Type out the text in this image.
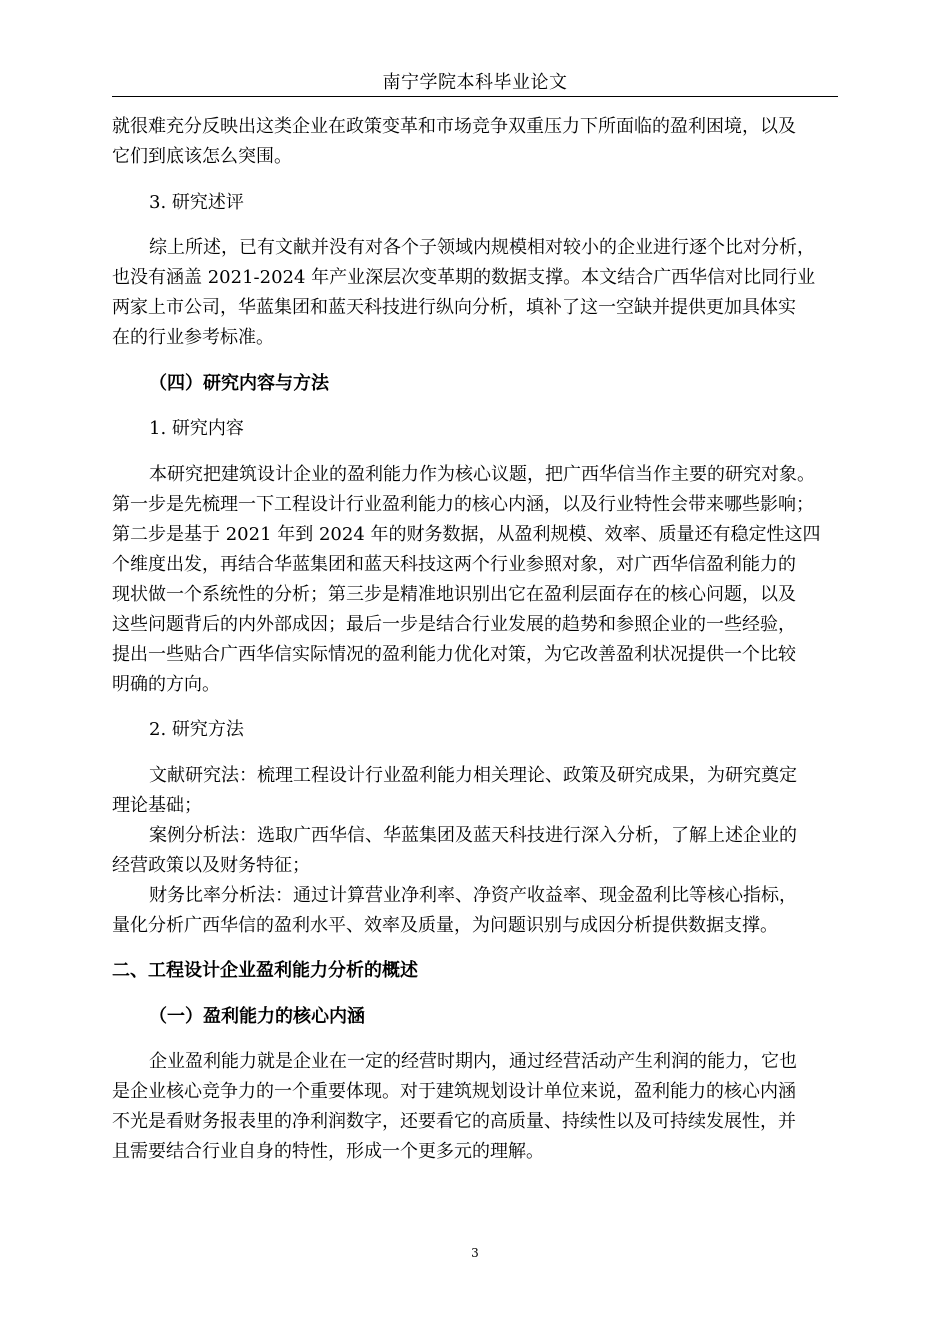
南宁学院本科毕业论文
就很难充分反映出这类企业在政策变革和市场竞争双重压力下所面临的盈利困境，以及
它们到底该怎么突围。
3. 研究述评
综上所述，已有文献并没有对各个子领域内规模相对较小的企业进行逐个比对分析，
也没有涵盖 2021-2024 年产业深层次变革期的数据支撑。本文结合广西华信对比同行业
两家上市公司，华蓝集团和蓝天科技进行纵向分析，填补了这一空缺并提供更加具体实
在的行业参考标准。
（四）研究内容与方法
1. 研究内容
本研究把建筑设计企业的盈利能力作为核心议题，把广西华信当作主要的研究对象。
第一步是先梳理一下工程设计行业盈利能力的核心内涵，以及行业特性会带来哪些影响；
第二步是基于 2021 年到 2024 年的财务数据，从盈利规模、效率、质量还有稳定性这四
个维度出发，再结合华蓝集团和蓝天科技这两个行业参照对象，对广西华信盈利能力的
现状做一个系统性的分析；第三步是精准地识别出它在盈利层面存在的核心问题，以及
这些问题背后的内外部成因；最后一步是结合行业发展的趋势和参照企业的一些经验，
提出一些贴合广西华信实际情况的盈利能力优化对策，为它改善盈利状况提供一个比较
明确的方向。
2. 研究方法
文献研究法：梳理工程设计行业盈利能力相关理论、政策及研究成果，为研究奠定
理论基础；
案例分析法：选取广西华信、华蓝集团及蓝天科技进行深入分析，了解上述企业的
经营政策以及财务特征；
财务比率分析法：通过计算营业净利率、净资产收益率、现金盈利比等核心指标，
量化分析广西华信的盈利水平、效率及质量，为问题识别与成因分析提供数据支撑。
二、工程设计企业盈利能力分析的概述
（一）盈利能力的核心内涵
企业盈利能力就是企业在一定的经营时期内，通过经营活动产生利润的能力，它也
是企业核心竞争力的一个重要体现。对于建筑规划设计单位来说，盈利能力的核心内涵
不光是看财务报表里的净利润数字，还要看它的高质量、持续性以及可持续发展性，并
且需要结合行业自身的特性，形成一个更多元的理解。
3
